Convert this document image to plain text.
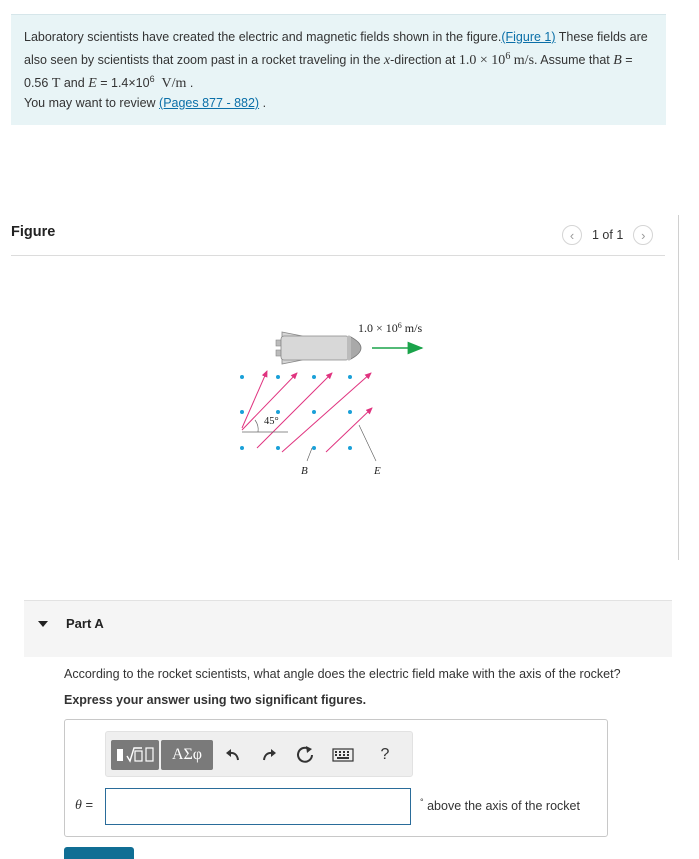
Laboratory scientists have created the electric and magnetic fields shown in the figure.(Figure 1) These fields are also seen by scientists that zoom past in a rocket traveling in the x-direction at $1.0 \times 10^6$ m/s. Assume that B = 0.56 T and $E = 1.4\times 10^6$ V/m .
You may want to review (Pages 877 - 882) .
Figure	‹	1 of 1	›
$1.0 \times 10^6$ m/s
45°
B	E
Part A
According to the rocket scientists, what angle does the electric field make with the axis of the rocket?
Express your answer using two significant figures.
ΑΣφ	?
θ =	° above the axis of the rocket
